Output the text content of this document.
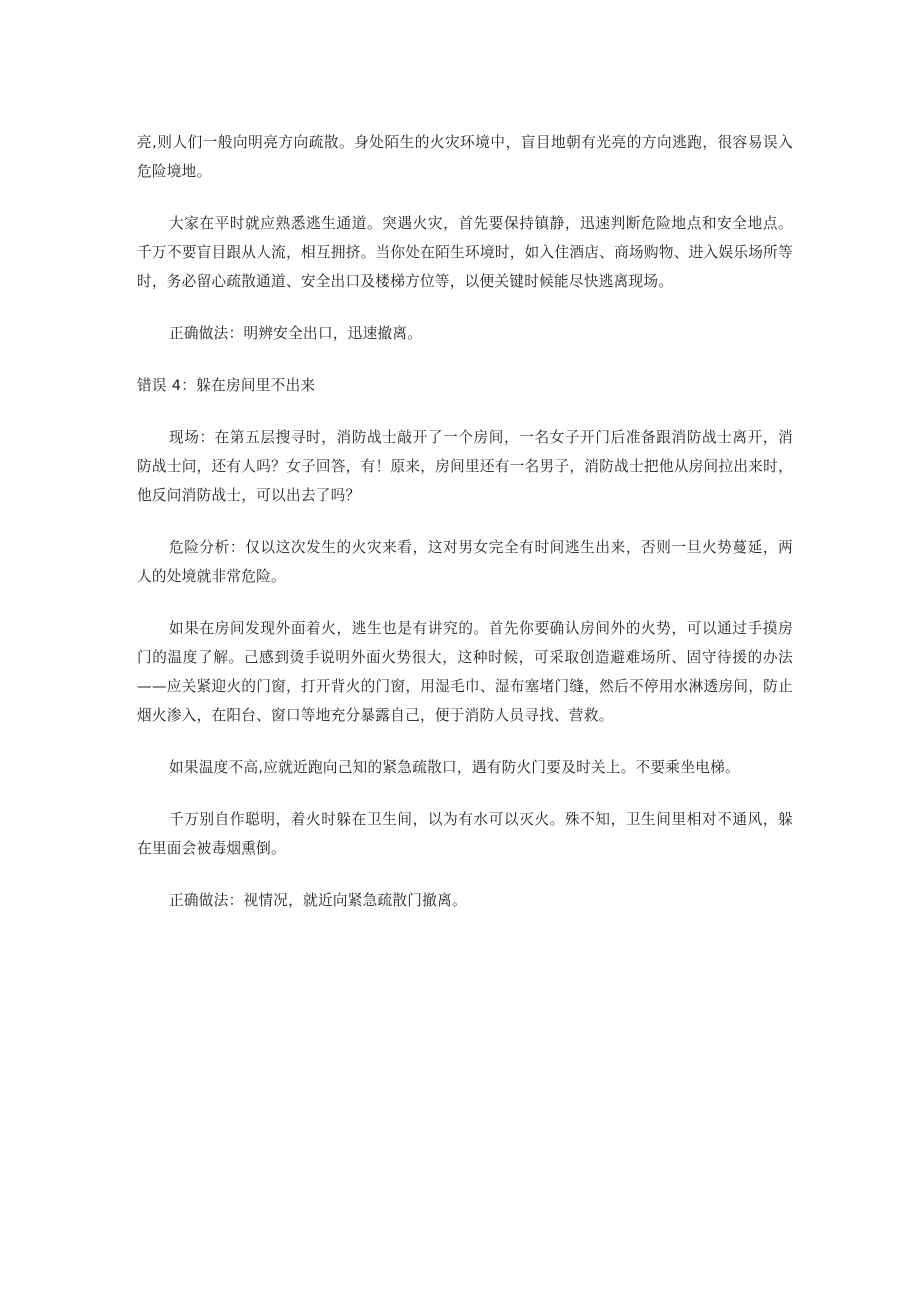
亮,则人们一般向明亮方向疏散。身处陌生的火灾环境中，盲目地朝有光亮的方向逃跑，很容易误入危险境地。

大家在平时就应熟悉逃生通道。突遇火灾，首先要保持镇静，迅速判断危险地点和安全地点。千万不要盲目跟从人流，相互拥挤。当你处在陌生环境时，如入住酒店、商场购物、进入娱乐场所等时，务必留心疏散通道、安全出口及楼梯方位等，以便关键时候能尽快逃离现场。

正确做法：明辨安全出口，迅速撤离。

错误 4：躲在房间里不出来

现场：在第五层搜寻时，消防战士敲开了一个房间，一名女子开门后准备跟消防战士离开，消防战士问，还有人吗？女子回答，有！原来，房间里还有一名男子，消防战士把他从房间拉出来时，他反问消防战士，可以出去了吗？

危险分析：仅以这次发生的火灾来看，这对男女完全有时间逃生出来，否则一旦火势蔓延，两人的处境就非常危险。

如果在房间发现外面着火，逃生也是有讲究的。首先你要确认房间外的火势，可以通过手摸房门的温度了解。己感到烫手说明外面火势很大，这种时候，可采取创造避难场所、固守待援的办法——应关紧迎火的门窗，打开背火的门窗，用湿毛巾、湿布塞堵门缝，然后不停用水淋透房间，防止烟火渗入，在阳台、窗口等地充分暴露自己，便于消防人员寻找、营救。

如果温度不高,应就近跑向己知的紧急疏散口，遇有防火门要及时关上。不要乘坐电梯。

千万别自作聪明，着火时躲在卫生间，以为有水可以灭火。殊不知，卫生间里相对不通风，躲在里面会被毒烟熏倒。

正确做法：视情况，就近向紧急疏散门撤离。
